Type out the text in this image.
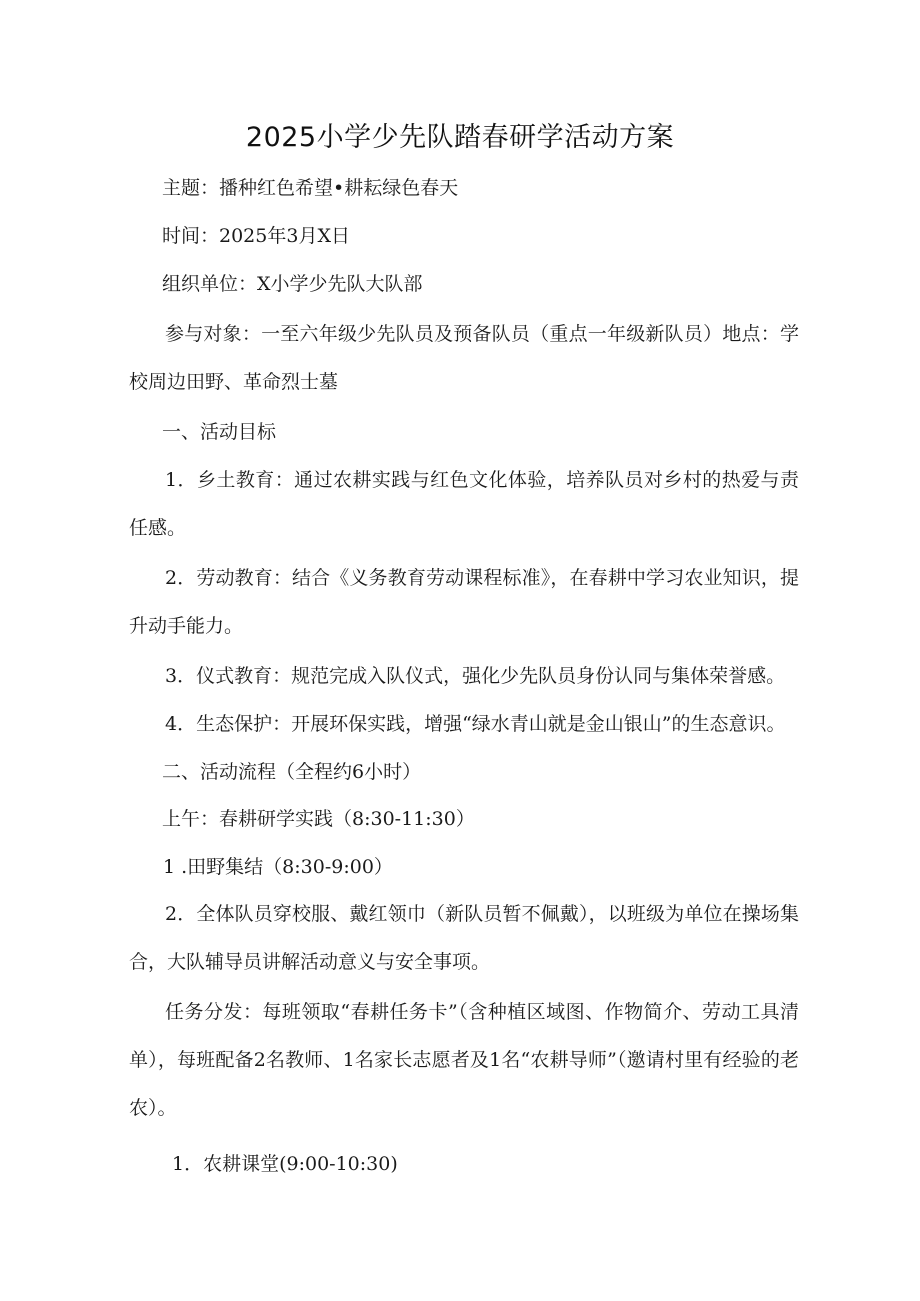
2025小学少先队踏春研学活动方案

主题：播种红色希望•耕耘绿色春天

时间：2025年3月X日

组织单位：X小学少先队大队部

参与对象：一至六年级少先队员及预备队员（重点一年级新队员）地点：学校周边田野、革命烈士墓

一、活动目标

1．乡土教育：通过农耕实践与红色文化体验，培养队员对乡村的热爱与责任感。

2．劳动教育：结合《义务教育劳动课程标准》，在春耕中学习农业知识，提升动手能力。

3．仪式教育：规范完成入队仪式，强化少先队员身份认同与集体荣誉感。

4．生态保护：开展环保实践，增强“绿水青山就是金山银山”的生态意识。

二、活动流程（全程约6小时）

上午：春耕研学实践（8:30-11:30）

1 .田野集结（8:30-9:00）

2．全体队员穿校服、戴红领巾（新队员暂不佩戴），以班级为单位在操场集合，大队辅导员讲解活动意义与安全事项。

任务分发：每班领取“春耕任务卡”（含种植区域图、作物简介、劳动工具清单），每班配备2名教师、1名家长志愿者及1名“农耕导师”（邀请村里有经验的老农）。

1．农耕课堂(9:00-10:30)
